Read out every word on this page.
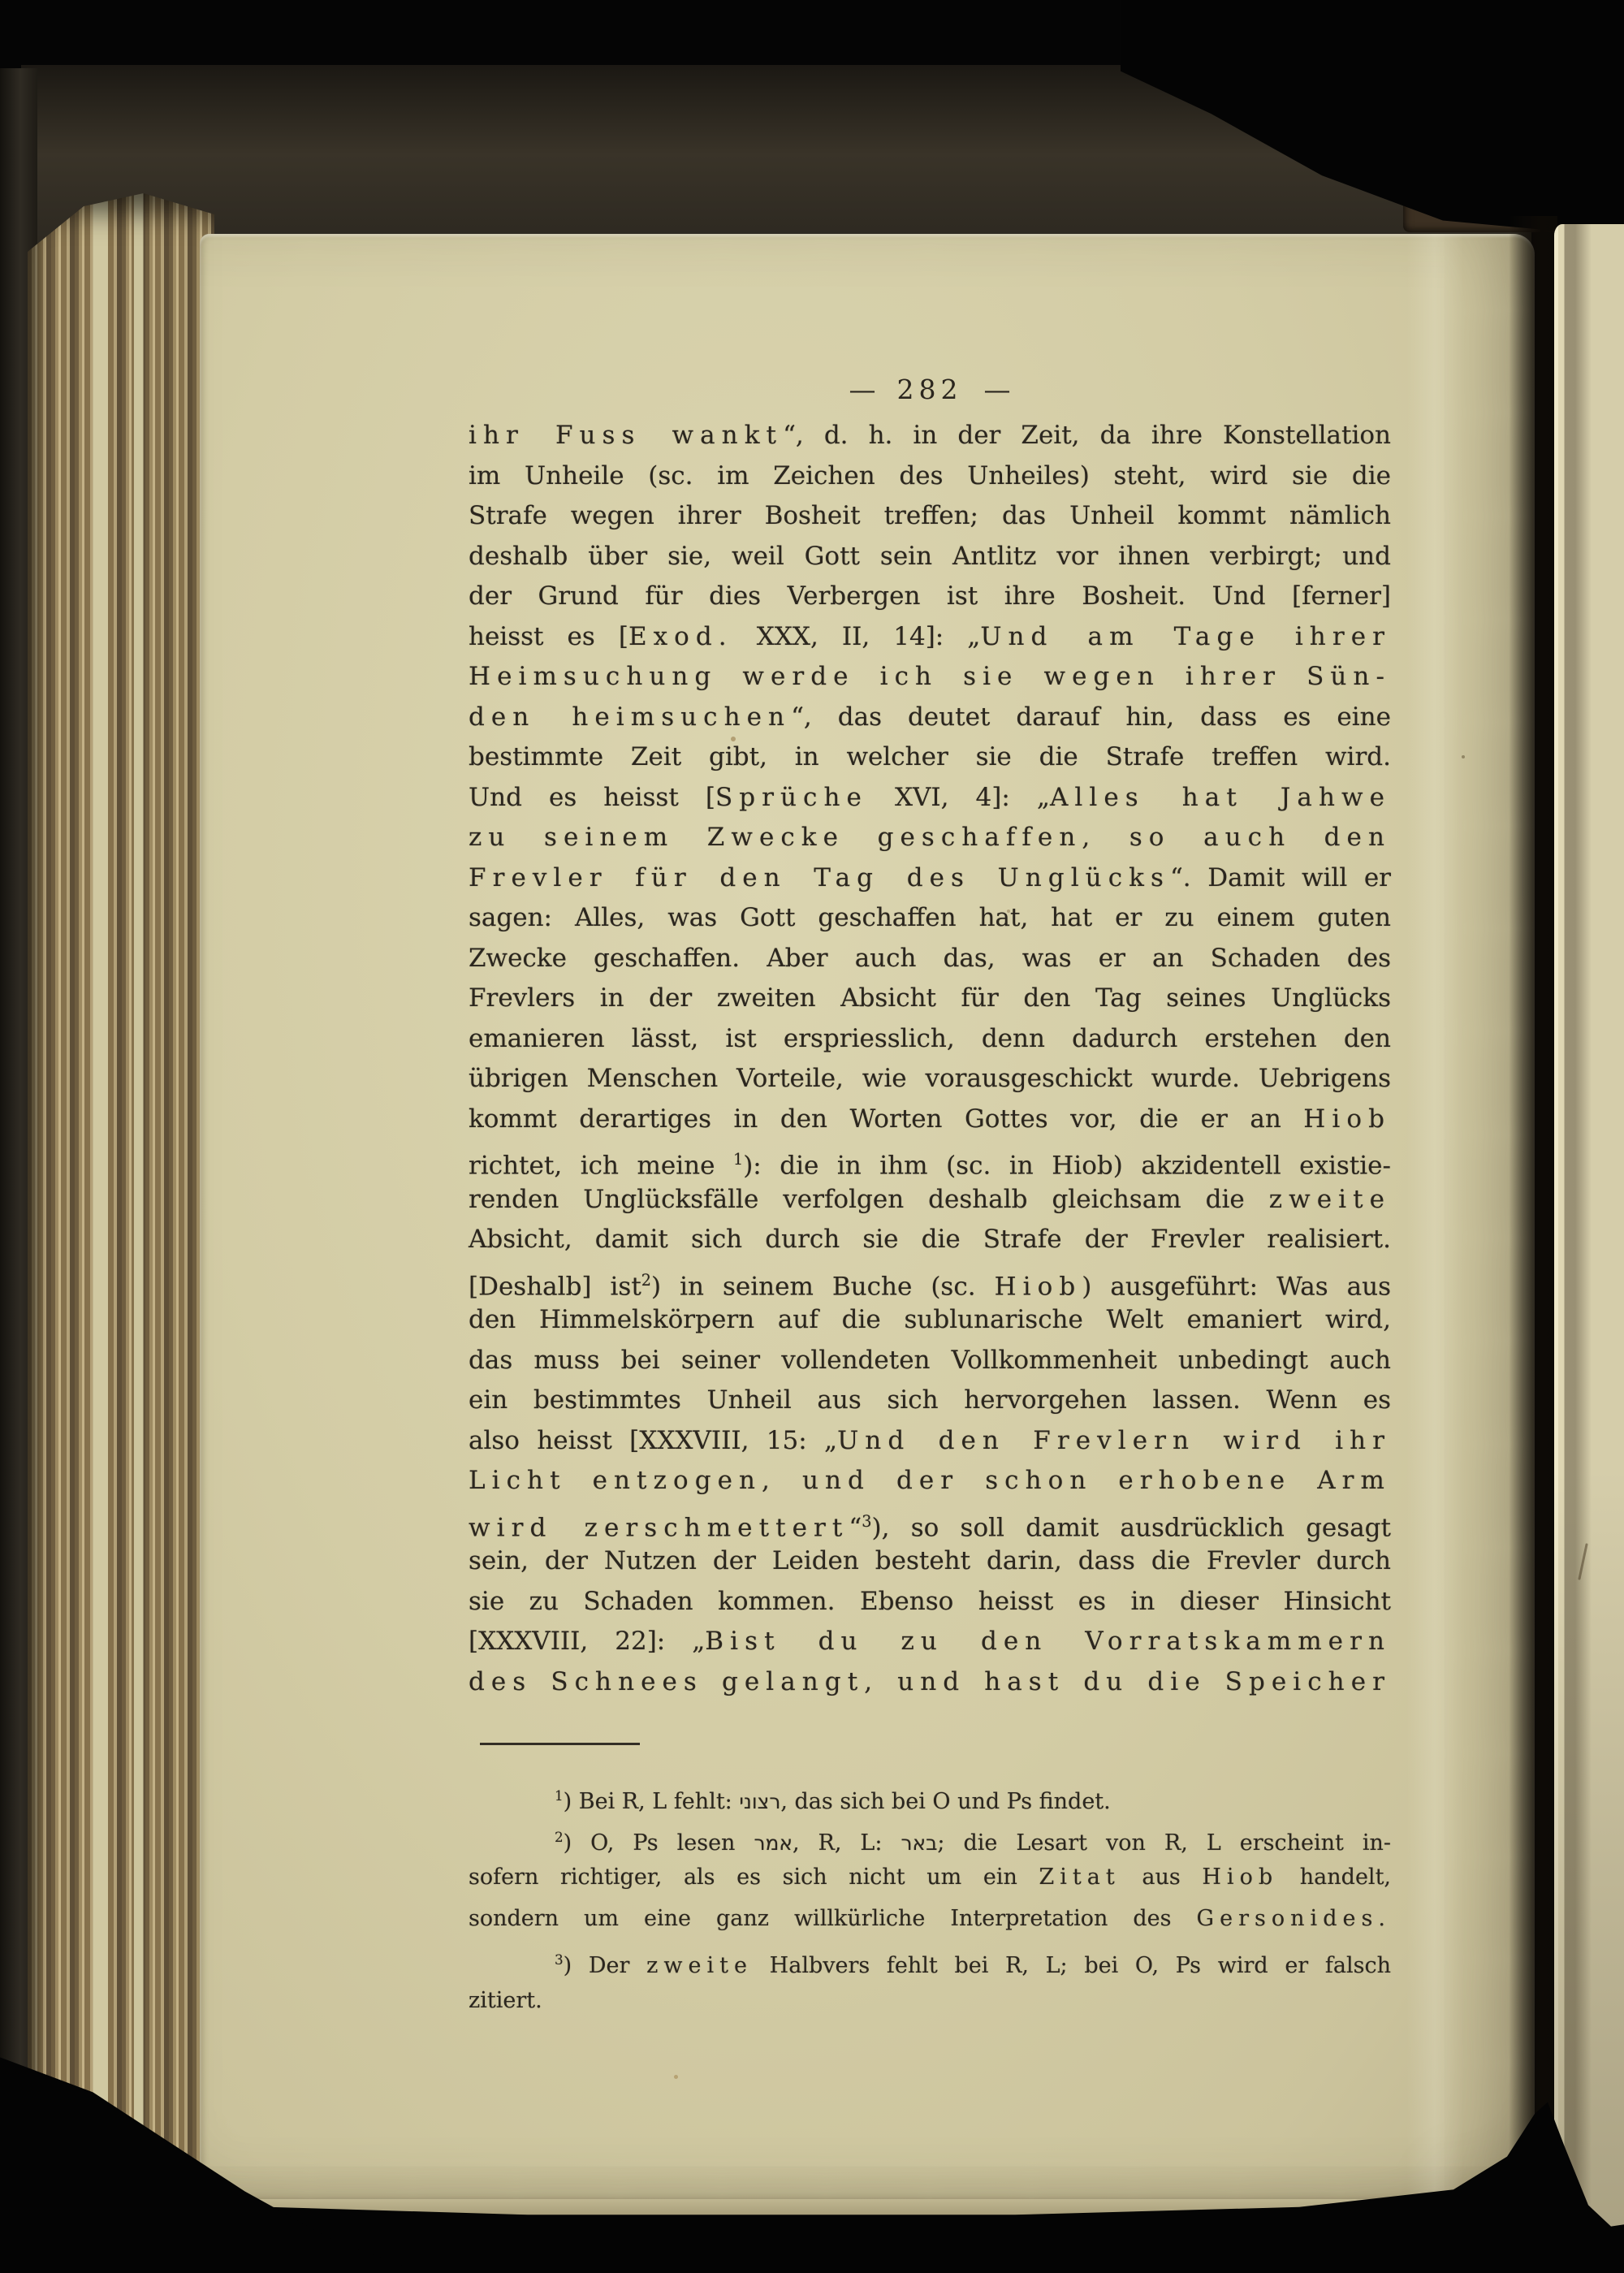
— 282 —
ihr Fuss wankt“, d. h. in der Zeit, da ihre Konstellation
im Unheile (sc. im Zeichen des Unheiles) steht, wird sie die
Strafe wegen ihrer Bosheit treffen; das Unheil kommt nämlich
deshalb über sie, weil Gott sein Antlitz vor ihnen verbirgt; und
der Grund für dies Verbergen ist ihre Bosheit. Und [ferner]
heisst es [Exod. XXX, II, 14]: „Und am Tage ihrer
Heimsuchung werde ich sie wegen ihrer Sün-
den heimsuchen“, das deutet darauf hin, dass es eine
bestimmte Zeit gibt, in welcher sie die Strafe treffen wird.
Und es heisst [Sprüche XVI, 4]: „Alles hat Jahwe
zu seinem Zwecke geschaffen, so auch den
Frevler für den Tag des Unglücks“. Damit will er
sagen: Alles, was Gott geschaffen hat, hat er zu einem guten
Zwecke geschaffen. Aber auch das, was er an Schaden des
Frevlers in der zweiten Absicht für den Tag seines Unglücks
emanieren lässt, ist erspriesslich, denn dadurch erstehen den
übrigen Menschen Vorteile, wie vorausgeschickt wurde. Uebrigens
kommt derartiges in den Worten Gottes vor, die er an Hiob
richtet, ich meine $^1$): die in ihm (sc. in Hiob) akzidentell existie-
renden Unglücksfälle verfolgen deshalb gleichsam die zweite
Absicht, damit sich durch sie die Strafe der Frevler realisiert.
[Deshalb] ist$^2$) in seinem Buche (sc. Hiob) ausgeführt: Was aus
den Himmelskörpern auf die sublunarische Welt emaniert wird,
das muss bei seiner vollendeten Vollkommenheit unbedingt auch
ein bestimmtes Unheil aus sich hervorgehen lassen. Wenn es
also heisst [XXXVIII, 15: „Und den Frevlern wird ihr
Licht entzogen, und der schon erhobene Arm
wird zerschmettert“$^3$), so soll damit ausdrücklich gesagt
sein, der Nutzen der Leiden besteht darin, dass die Frevler durch
sie zu Schaden kommen. Ebenso heisst es in dieser Hinsicht
[XXXVIII, 22]: „Bist du zu den Vorratskammern
des Schnees gelangt, und hast du die Speicher
$^1$) Bei R, L fehlt: רצוני, das sich bei O und Ps findet.
$^2$) O, Ps lesen אמר, R, L: באר; die Lesart von R, L erscheint in-
sofern richtiger, als es sich nicht um ein Zitat aus Hiob handelt,
sondern um eine ganz willkürliche Interpretation des Gersonides.
$^3$) Der zweite Halbvers fehlt bei R, L; bei O, Ps wird er falsch
zitiert.
